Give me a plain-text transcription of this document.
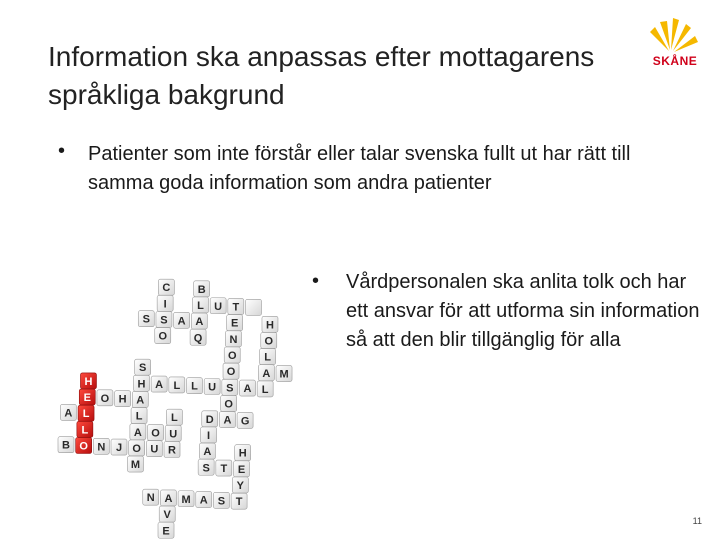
Information ska anpassas efter mottagarens språkliga bakgrund
SKÅNE
• Patienter som inte förstår eller talar svenska fullt ut har rätt till samma goda information som andra patienter
C B
I	L U T
S S A A	E	H
O Q N O
O	L
S	O A M
H	H A L L U S A L
E O H A	O
A L	L	L	D A G
L	A O U	I
B O N J O U R A H
M	S T E
Y
N A M A S T
V
E
• Vårdpersonalen ska anlita tolk och har ett ansvar för att utforma sin information så att den blir tillgänglig för alla
11
